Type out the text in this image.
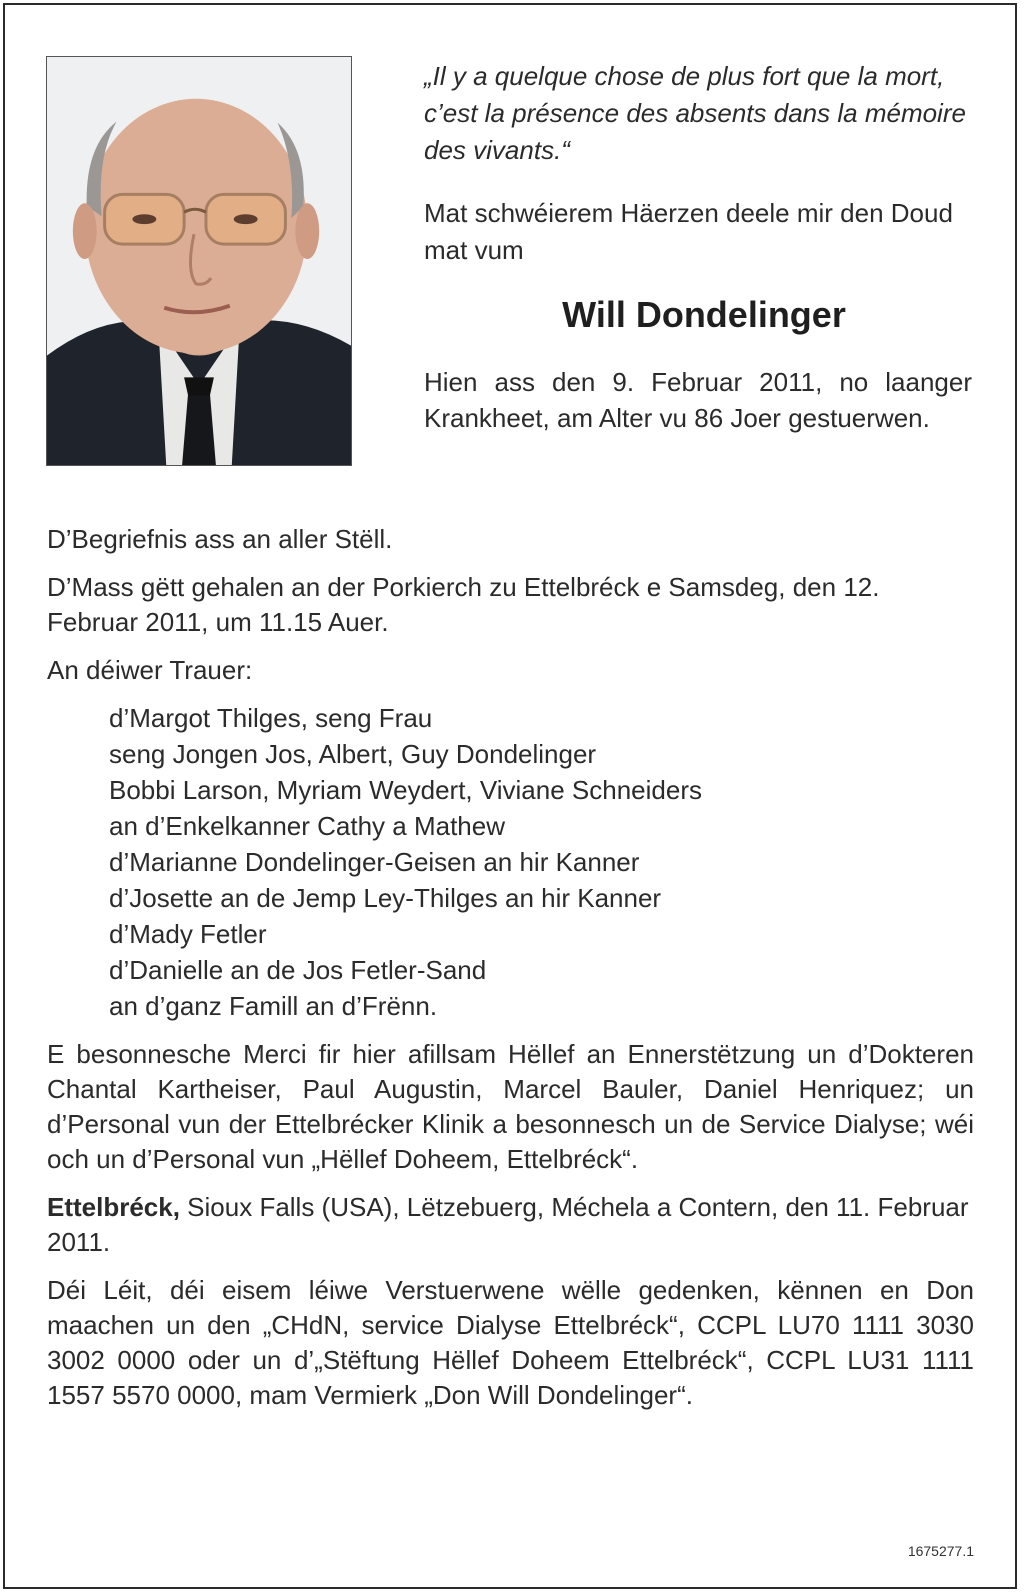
„Il y a quelque chose de plus fort que la mort, c’est la présence des absents dans la mémoire des vivants.“
Mat schwéierem Häerzen deele mir den Doud mat vum
Will Dondelinger
Hien ass den 9. Februar 2011, no laanger Krankheet, am Alter vu 86 Joer gestuerwen.

D’Begriefnis ass an aller Stëll.

D’Mass gëtt gehalen an der Porkierch zu Ettelbréck e Samsdeg, den 12. Februar 2011, um 11.15 Auer.

An déiwer Trauer:

d’Margot Thilges, seng Frau
seng Jongen Jos, Albert, Guy Dondelinger
Bobbi Larson, Myriam Weydert, Viviane Schneiders
an d’Enkelkanner Cathy a Mathew
d’Marianne Dondelinger-Geisen an hir Kanner
d’Josette an de Jemp Ley-Thilges an hir Kanner
d’Mady Fetler
d’Danielle an de Jos Fetler-Sand
an d’ganz Famill an d’Frënn.

E besonnesche Merci fir hier afillsam Hëllef an Ennerstëtzung un d’Dokteren Chantal Kartheiser, Paul Augustin, Marcel Bauler, Daniel Henriquez; un d’Personal vun der Ettelbrécker Klinik a besonnesch un de Service Dialyse; wéi och un d’Personal vun „Hëllef Doheem, Ettelbréck“.

Ettelbréck, Sioux Falls (USA), Lëtzebuerg, Méchela a Contern, den 11. Februar 2011.

Déi Léit, déi eisem léiwe Verstuerwene wëlle gedenken, kënnen en Don maachen un den „CHdN, service Dialyse Ettelbréck“, CCPL LU70 1111 3030 3002 0000 oder un d’„Stëftung Hëllef Doheem Ettelbréck“, CCPL LU31 1111 1557 5570 0000, mam Vermierk „Don Will Dondelinger“.

1675277.1
